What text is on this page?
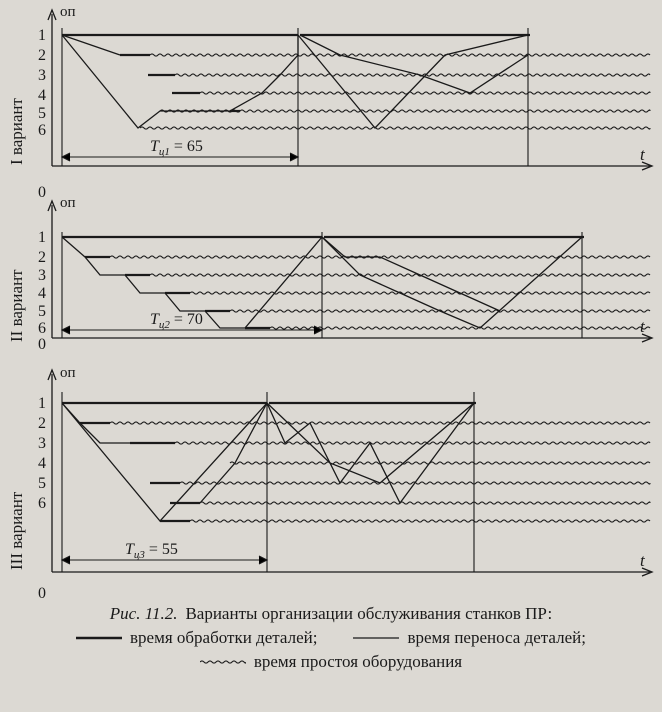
I вариант
оп
t
0
1
2
3
4
5
6
$T_{ц1} = 65$
II вариант
оп
t
0
1
2
3
4
5
6
$T_{ц2} = 70$
III вариант
оп
t
0
1
2
3
4
5
6
$T_{ц3} = 55$
Рис. 11.2. Варианты организации обслуживания станков ПР:
время обработки деталей;	время переноса деталей;
время простоя оборудования
